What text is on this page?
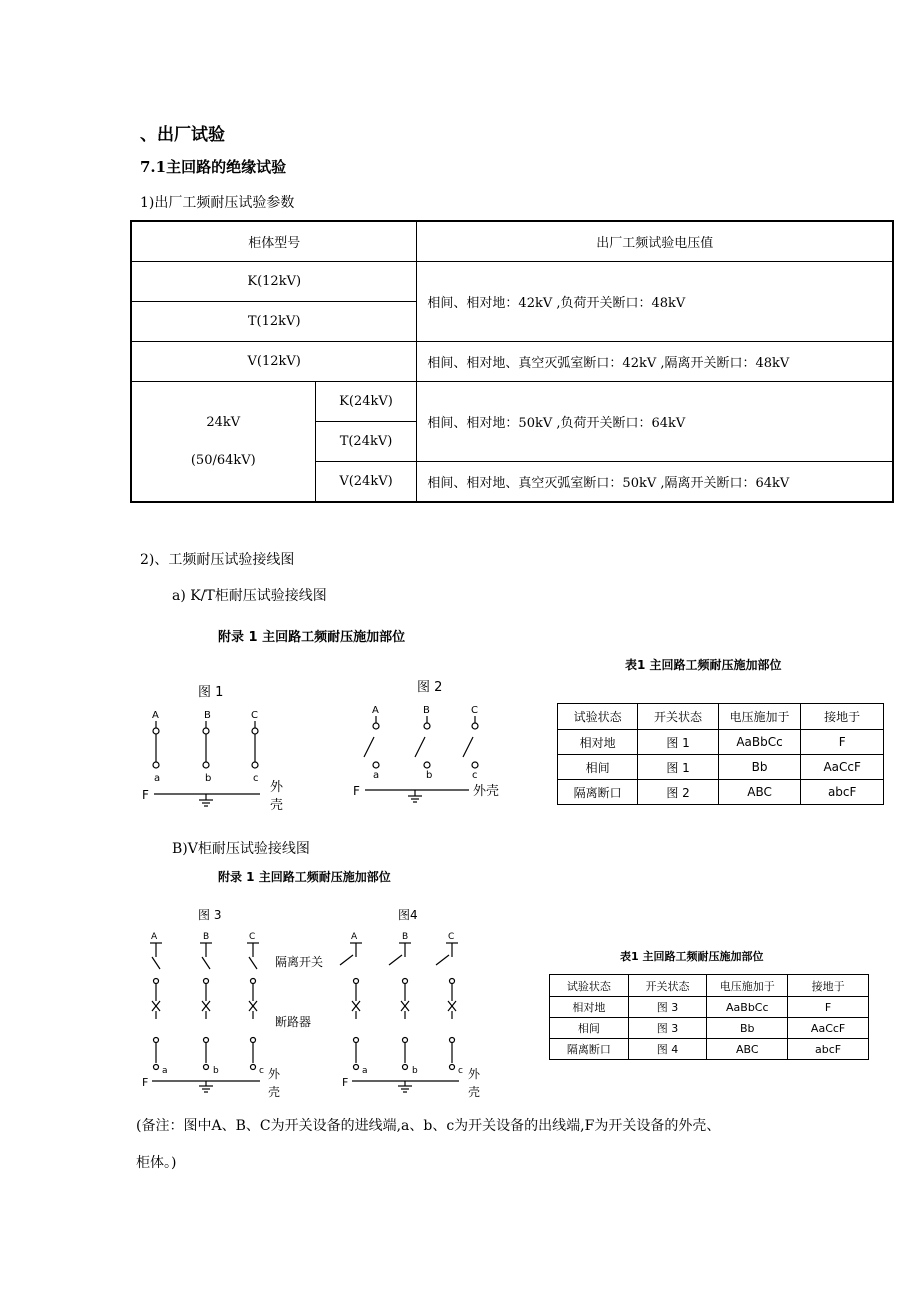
、出厂试验
7.1主回路的绝缘试验
1)出厂工频耐压试验参数
柜体型号		出厂工频试验电压值
K(12kV)		相间、相对地：42kV ,负荷开关断口：48kV
T(12kV)		
V(12kV)		相间、相对地、真空灭弧室断口：42kV ,隔离开关断口：48kV
24kV
(50/64kV)	K(24kV)	相间、相对地：50kV ,负荷开关断口：64kV
	T(24kV)	
	V(24kV)	相间、相对地、真空灭弧室断口：50kV ,隔离开关断口：64kV
2)、工频耐压试验接线图
a) K/T柜耐压试验接线图
附录 1 主回路工频耐压施加部位
图 1
A	B	C
a	b	c
F	外
壳
图 2
A	B	C
a	b	c
F	外壳
表1 主回路工频耐压施加部位
试验状态	开关状态	电压施加于	接地于
相对地	图 1	AaBbCc	F
相间	图 1	Bb	AaCcF
隔离断口	图 2	ABC	abcF
B)V柜耐压试验接线图
附录 1 主回路工频耐压施加部位
图 3
A	B	C
a	b	c
F
隔离开关
断路器
外
壳
图4
A	B	C
a	b	c
F
外
壳
表1 主回路工频耐压施加部位
试验状态	开关状态	电压施加于	接地于
相对地	图 3	AaBbCc	F
相间	图 3	Bb	AaCcF
隔离断口	图 4	ABC	abcF
(备注：图中A、B、C为开关设备的进线端,a、b、c为开关设备的出线端,F为开关设备的外壳、
柜体。)
